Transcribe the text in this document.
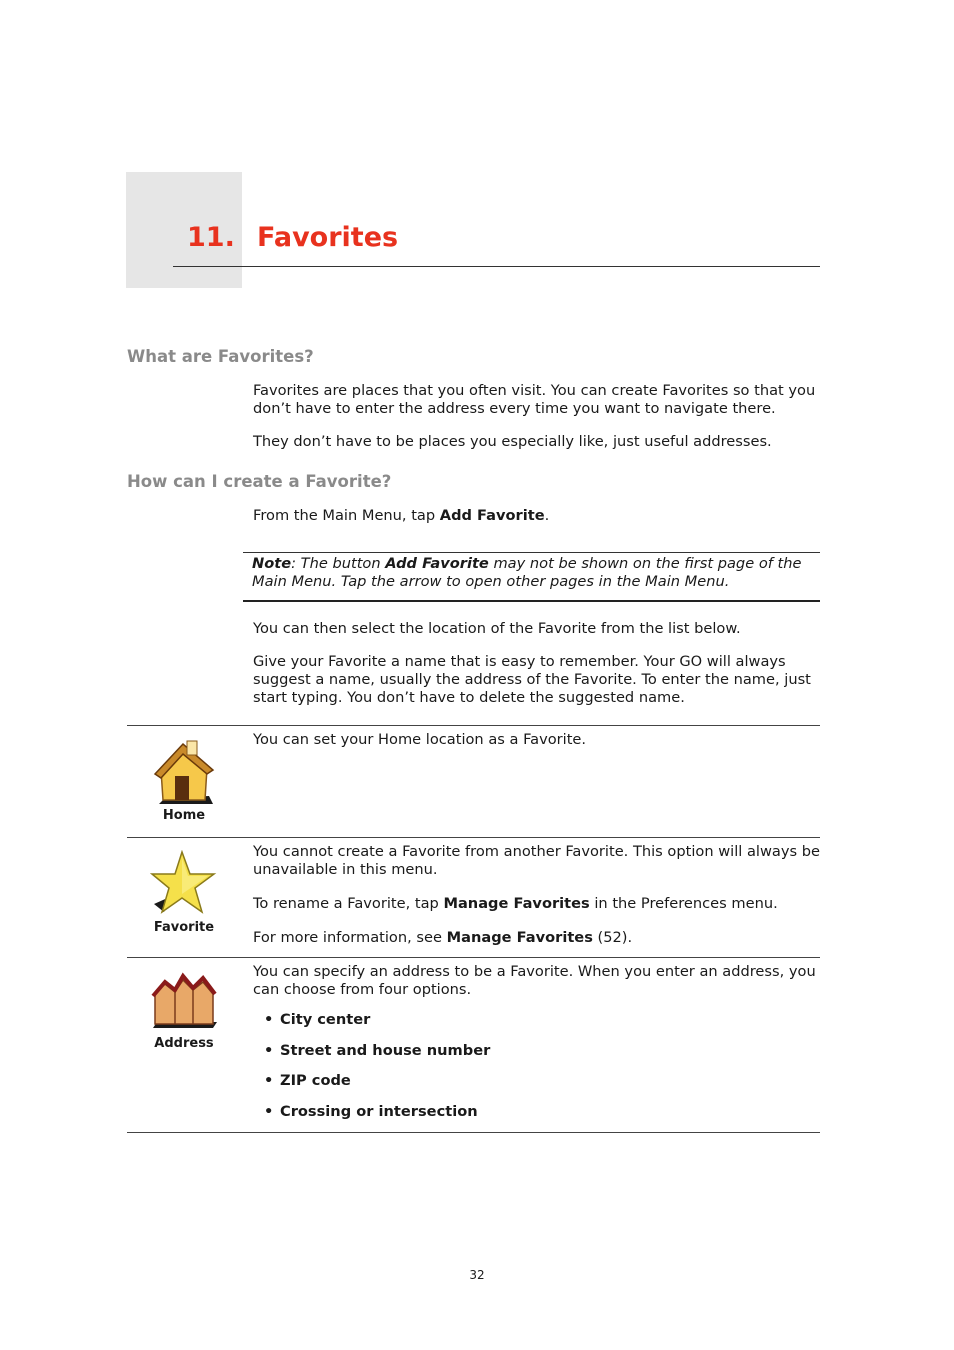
11. Favorites
What are Favorites?
Favorites are places that you often visit. You can create Favorites so that you don’t have to enter the address every time you want to navigate there.
They don’t have to be places you especially like, just useful addresses.
How can I create a Favorite?
From the Main Menu, tap Add Favorite.
Note: The button Add Favorite may not be shown on the first page of the Main Menu. Tap the arrow to open other pages in the Main Menu.
You can then select the location of the Favorite from the list below.
Give your Favorite a name that is easy to remember. Your GO will always suggest a name, usually the address of the Favorite. To enter the name, just start typing. You don’t have to delete the suggested name.
Home

You can set your Home location as a Favorite.

Favorite

You cannot create a Favorite from another Favorite. This option will always be unavailable in this menu.

To rename a Favorite, tap Manage Favorites in the Preferences menu.

For more information, see Manage Favorites (52).

Address

You can specify an address to be a Favorite. When you enter an address, you can choose from four options.

• City center
• Street and house number
• ZIP code
• Crossing or intersection
32
